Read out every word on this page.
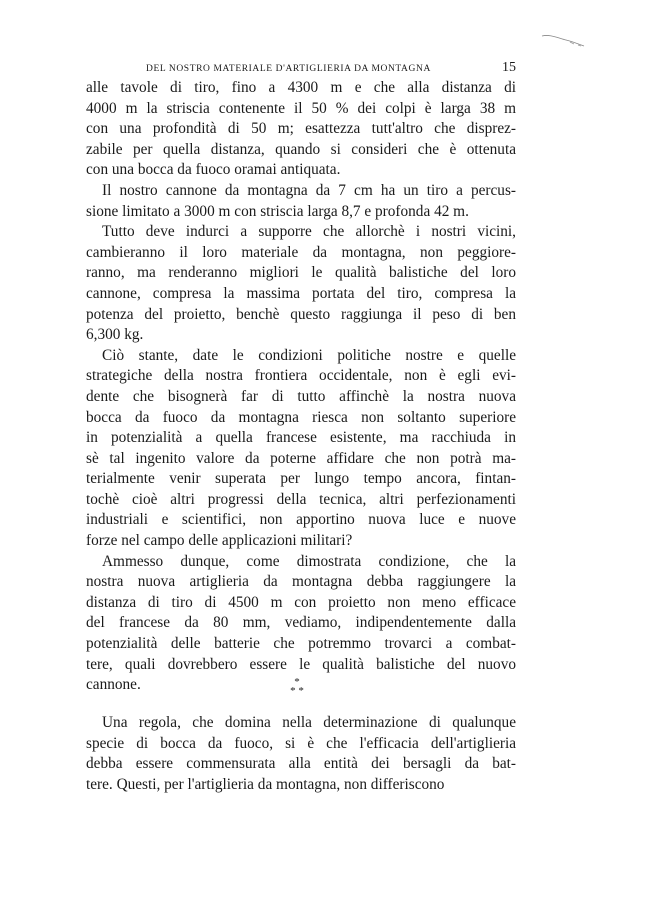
DEL NOSTRO MATERIALE D'ARTIGLIERIA DA MONTAGNA	15
alle tavole di tiro, fino a 4300 m e che alla distanza di
4000 m la striscia contenente il 50 % dei colpi è larga 38 m
con una profondità di 50 m; esattezza tutt'altro che disprez-
zabile per quella distanza, quando si consideri che è ottenuta
con una bocca da fuoco oramai antiquata.
Il nostro cannone da montagna da 7 cm ha un tiro a percus-
sione limitato a 3000 m con striscia larga 8,7 e profonda 42 m.
Tutto deve indurci a supporre che allorchè i nostri vicini,
cambieranno il loro materiale da montagna, non peggiore-
ranno, ma renderanno migliori le qualità balistiche del loro
cannone, compresa la massima portata del tiro, compresa la
potenza del proietto, benchè questo raggiunga il peso di ben
6,300 kg.
Ciò stante, date le condizioni politiche nostre e quelle
strategiche della nostra frontiera occidentale, non è egli evi-
dente che bisognerà far di tutto affinchè la nostra nuova
bocca da fuoco da montagna riesca non soltanto superiore
in potenzialità a quella francese esistente, ma racchiuda in
sè tal ingenito valore da poterne affidare che non potrà ma-
terialmente venir superata per lungo tempo ancora, fintan-
tochè cioè altri progressi della tecnica, altri perfezionamenti
industriali e scientifici, non apportino nuova luce e nuove
forze nel campo delle applicazioni militari?
Ammesso dunque, come dimostrata condizione, che la
nostra nuova artiglieria da montagna debba raggiungere la
distanza di tiro di 4500 m con proietto non meno efficace
del francese da 80 mm, vediamo, indipendentemente dalla
potenzialità delle batterie che potremmo trovarci a combat-
tere, quali dovrebbero essere le qualità balistiche del nuovo
cannone.	*
* *
Una regola, che domina nella determinazione di qualunque
specie di bocca da fuoco, si è che l'efficacia dell'artiglieria
debba essere commensurata alla entità dei bersagli da bat-
tere. Questi, per l'artiglieria da montagna, non differiscono
